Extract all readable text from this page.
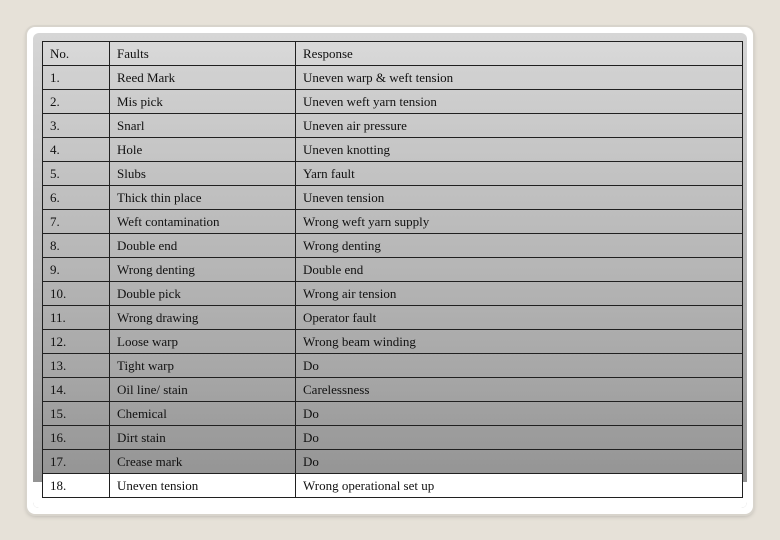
No.	Faults	Response
1.	Reed Mark	Uneven warp & weft tension
2.	Mis pick	Uneven weft yarn tension
3.	Snarl	Uneven air pressure
4.	Hole	Uneven knotting
5.	Slubs	Yarn fault
6.	Thick thin place	Uneven tension
7.	Weft contamination	Wrong weft yarn supply
8.	Double end	Wrong denting
9.	Wrong denting	Double end
10.	Double pick	Wrong air tension
11.	Wrong drawing	Operator fault
12.	Loose warp	Wrong beam winding
13.	Tight warp	Do
14.	Oil line/ stain	Carelessness
15.	Chemical	Do
16.	Dirt stain	Do
17.	Crease mark	Do
18.	Uneven tension	Wrong operational set up
